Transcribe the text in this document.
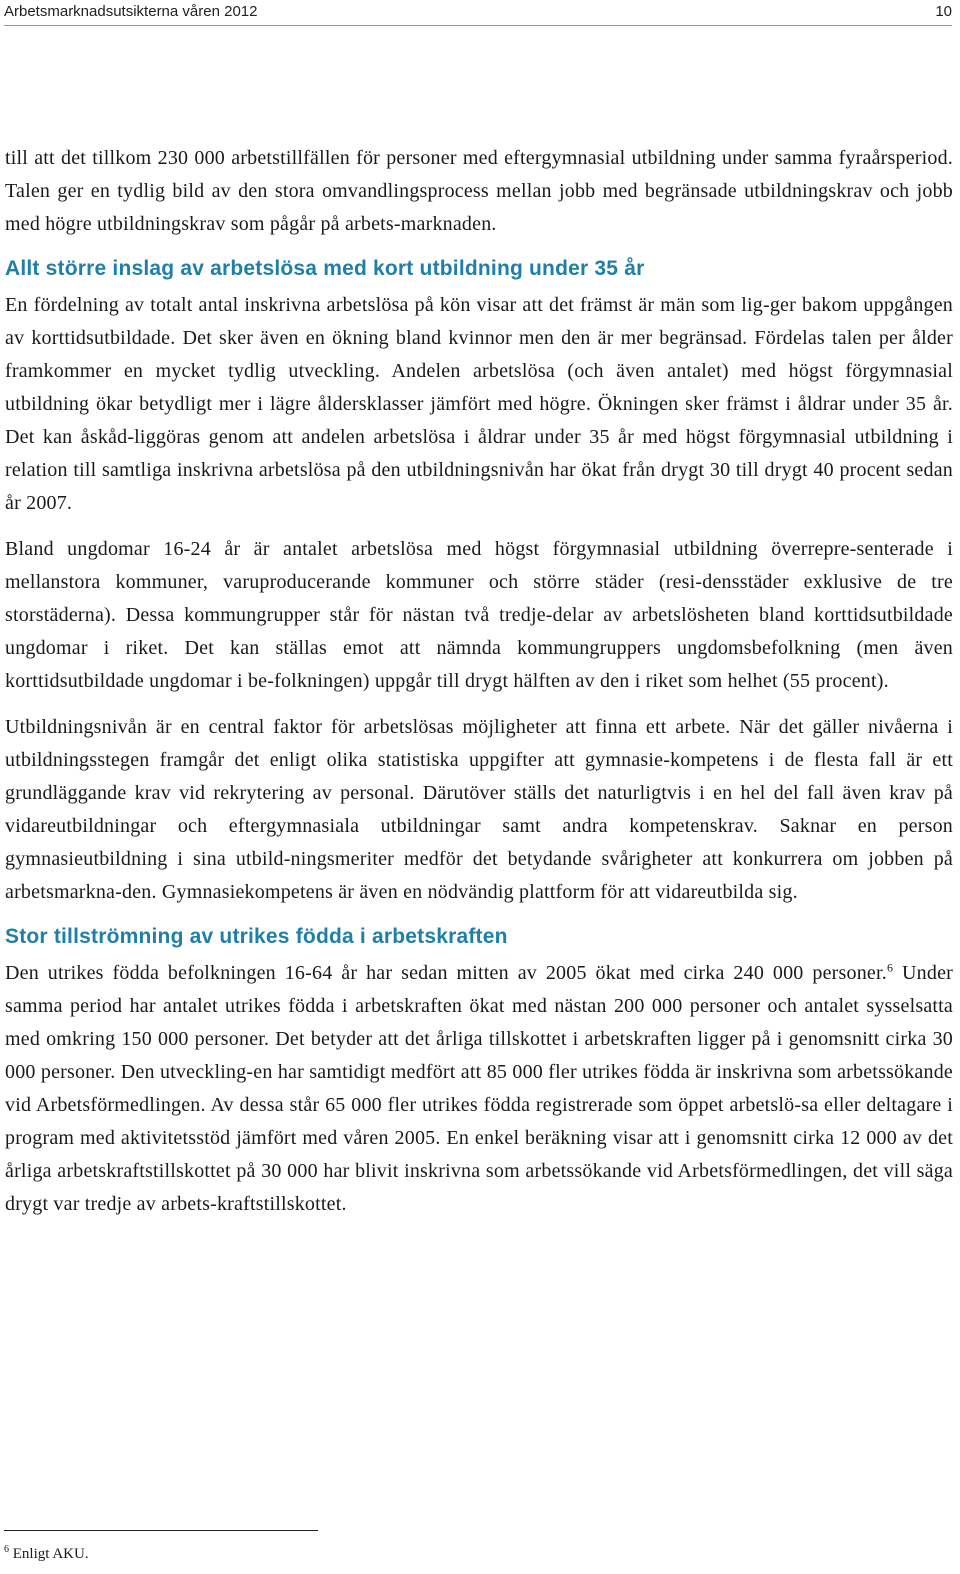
Arbetsmarknadsutsikterna våren 2012	10

till att det tillkom 230 000 arbetstillfällen för personer med eftergymnasial utbildning under samma fyraårsperiod. Talen ger en tydlig bild av den stora omvandlingsprocess mellan jobb med begränsade utbildningskrav och jobb med högre utbildningskrav som pågår på arbets-marknaden.

Allt större inslag av arbetslösa med kort utbildning under 35 år

En fördelning av totalt antal inskrivna arbetslösa på kön visar att det främst är män som lig-ger bakom uppgången av korttidsutbildade. Det sker även en ökning bland kvinnor men den är mer begränsad. Fördelas talen per ålder framkommer en mycket tydlig utveckling. Andelen arbetslösa (och även antalet) med högst förgymnasial utbildning ökar betydligt mer i lägre åldersklasser jämfört med högre. Ökningen sker främst i åldrar under 35 år. Det kan åskåd-liggöras genom att andelen arbetslösa i åldrar under 35 år med högst förgymnasial utbildning i relation till samtliga inskrivna arbetslösa på den utbildningsnivån har ökat från drygt 30 till drygt 40 procent sedan år 2007.

Bland ungdomar 16-24 år är antalet arbetslösa med högst förgymnasial utbildning överrepre-senterade i mellanstora kommuner, varuproducerande kommuner och större städer (resi-densstäder exklusive de tre storstäderna). Dessa kommungrupper står för nästan två tredje-delar av arbetslösheten bland korttidsutbildade ungdomar i riket. Det kan ställas emot att nämnda kommungruppers ungdomsbefolkning (men även korttidsutbildade ungdomar i be-folkningen) uppgår till drygt hälften av den i riket som helhet (55 procent).

Utbildningsnivån är en central faktor för arbetslösas möjligheter att finna ett arbete. När det gäller nivåerna i utbildningsstegen framgår det enligt olika statistiska uppgifter att gymnasie-kompetens i de flesta fall är ett grundläggande krav vid rekrytering av personal. Därutöver ställs det naturligtvis i en hel del fall även krav på vidareutbildningar och eftergymnasiala utbildningar samt andra kompetenskrav. Saknar en person gymnasieutbildning i sina utbild-ningsmeriter medför det betydande svårigheter att konkurrera om jobben på arbetsmarkna-den. Gymnasiekompetens är även en nödvändig plattform för att vidareutbilda sig.

Stor tillströmning av utrikes födda i arbetskraften

Den utrikes födda befolkningen 16-64 år har sedan mitten av 2005 ökat med cirka 240 000 personer.$^6$ Under samma period har antalet utrikes födda i arbetskraften ökat med nästan 200 000 personer och antalet sysselsatta med omkring 150 000 personer. Det betyder att det årliga tillskottet i arbetskraften ligger på i genomsnitt cirka 30 000 personer. Den utveckling-en har samtidigt medfört att 85 000 fler utrikes födda är inskrivna som arbetssökande vid Arbetsförmedlingen. Av dessa står 65 000 fler utrikes födda registrerade som öppet arbetslö-sa eller deltagare i program med aktivitetsstöd jämfört med våren 2005. En enkel beräkning visar att i genomsnitt cirka 12 000 av det årliga arbetskraftstillskottet på 30 000 har blivit inskrivna som arbetssökande vid Arbetsförmedlingen, det vill säga drygt var tredje av arbets-kraftstillskottet.

$^6$ Enligt AKU.
